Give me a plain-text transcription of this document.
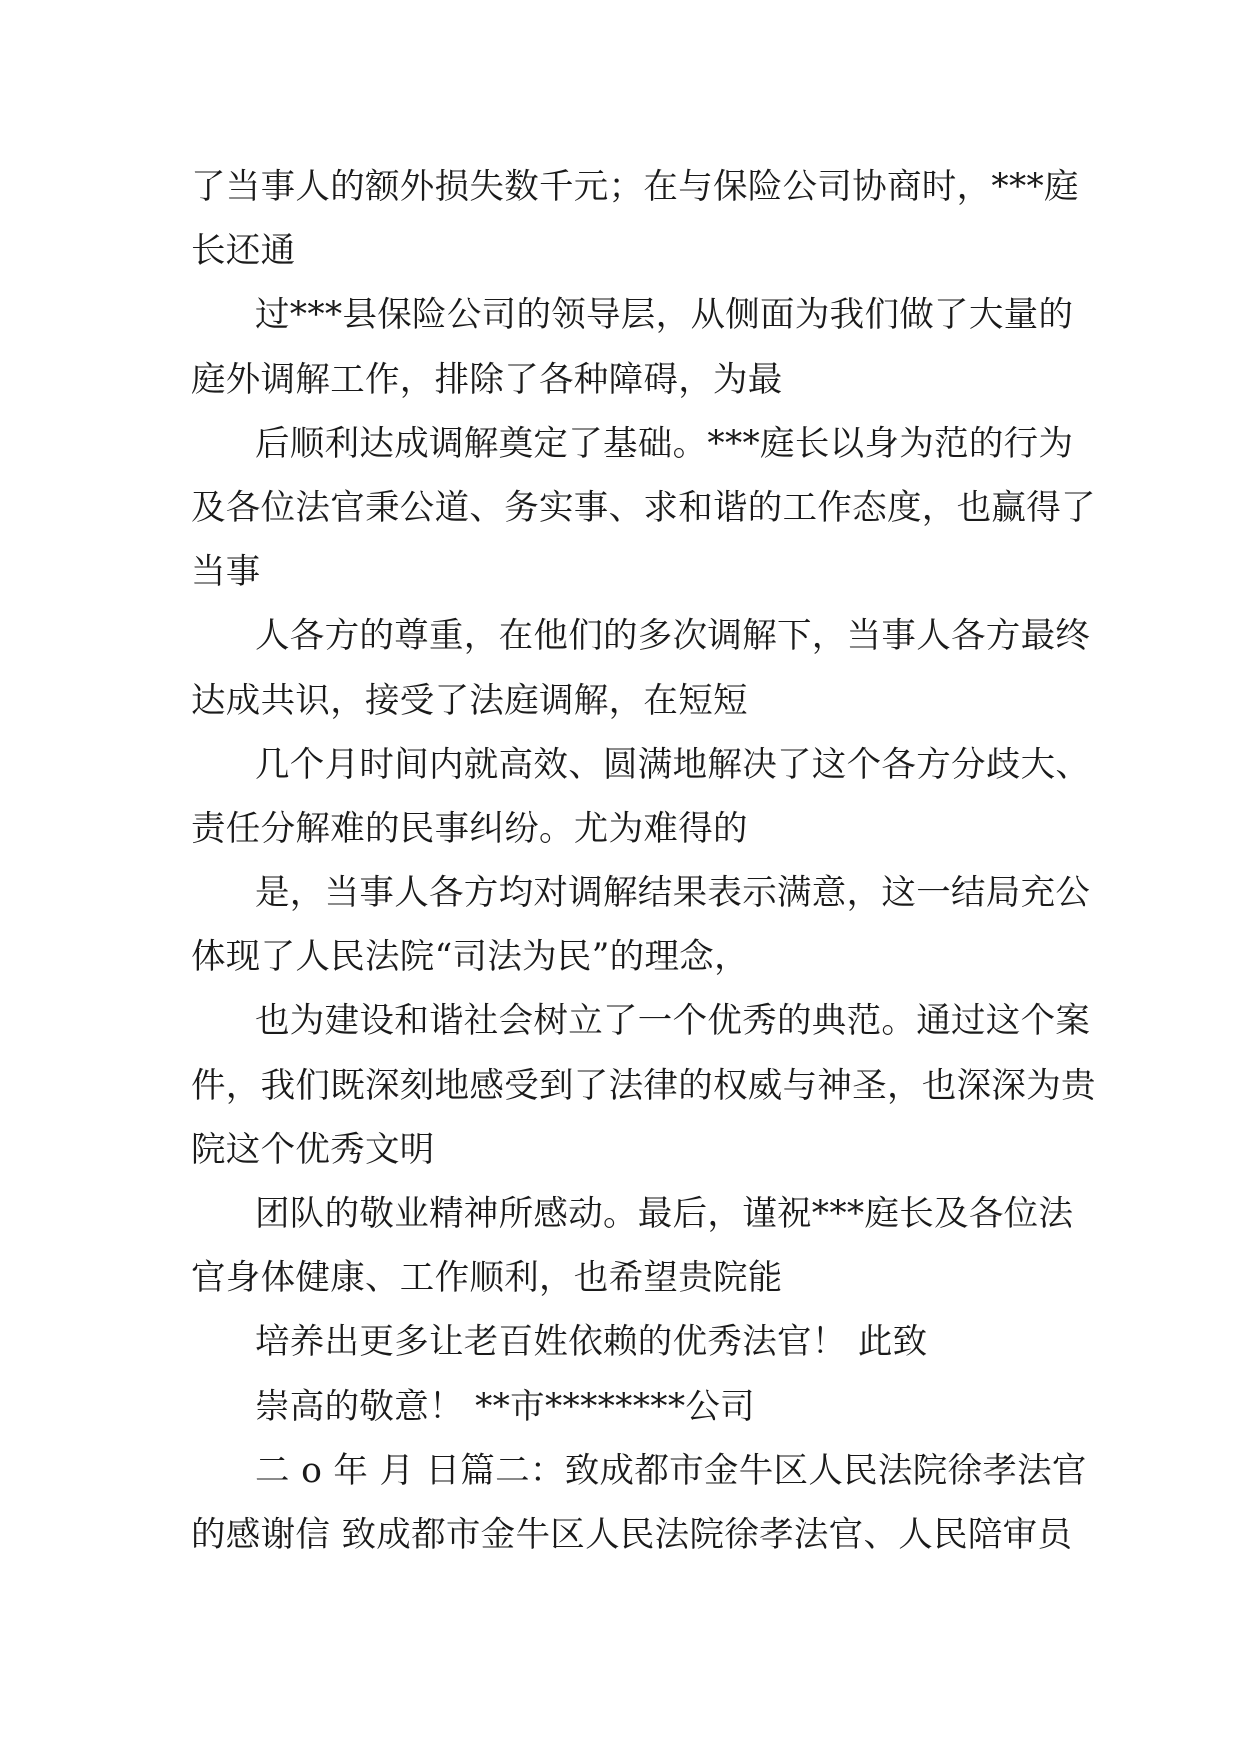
了当事人的额外损失数千元；在与保险公司协商时，***庭
长还通
过***县保险公司的领导层，从侧面为我们做了大量的
庭外调解工作，排除了各种障碍，为最
后顺利达成调解奠定了基础。***庭长以身为范的行为
及各位法官秉公道、务实事、求和谐的工作态度，也赢得了
当事
人各方的尊重，在他们的多次调解下，当事人各方最终
达成共识，接受了法庭调解，在短短
几个月时间内就高效、圆满地解决了这个各方分歧大、
责任分解难的民事纠纷。尤为难得的
是，当事人各方均对调解结果表示满意，这一结局充公
体现了人民法院“司法为民”的理念，
也为建设和谐社会树立了一个优秀的典范。通过这个案
件，我们既深刻地感受到了法律的权威与神圣，也深深为贵
院这个优秀文明
团队的敬业精神所感动。最后，谨祝***庭长及各位法
官身体健康、工作顺利，也希望贵院能
培养出更多让老百姓依赖的优秀法官！ 此致
崇高的敬意！ **市********公司
二 o 年 月 日篇二：致成都市金牛区人民法院徐孝法官
的感谢信 致成都市金牛区人民法院徐孝法官、人民陪审员
